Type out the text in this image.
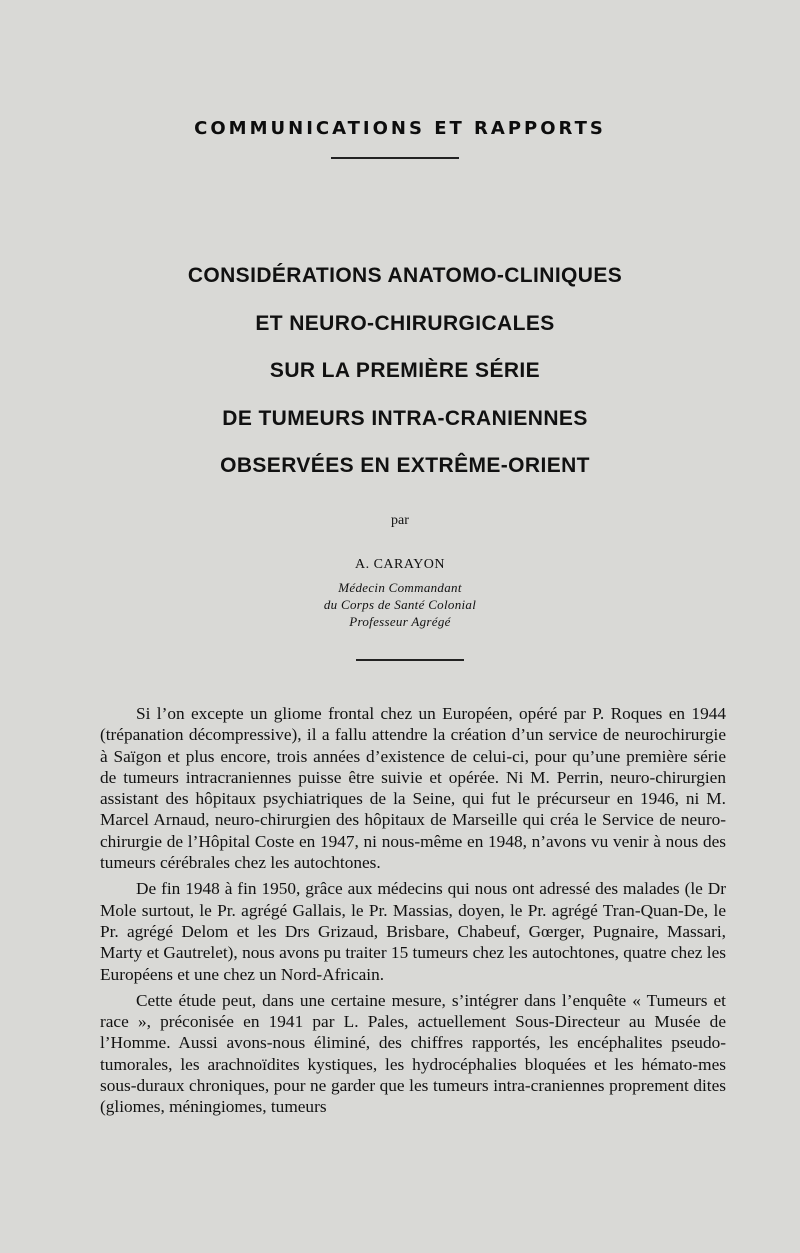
COMMUNICATIONS ET RAPPORTS
CONSIDÉRATIONS ANATOMO-CLINIQUES
ET NEURO-CHIRURGICALES
SUR LA PREMIÈRE SÉRIE
DE TUMEURS INTRA-CRANIENNES
OBSERVÉES EN EXTRÊME-ORIENT
par
A. CARAYON
Médecin Commandant
du Corps de Santé Colonial
Professeur Agrégé

Si l’on excepte un gliome frontal chez un Européen, opéré par P. Roques en 1944 (trépanation décompressive), il a fallu attendre la création d’un service de neurochirurgie à Saïgon et plus encore, trois années d’existence de celui-ci, pour qu’une première série de tumeurs intracraniennes puisse être suivie et opérée. Ni M. Perrin, neuro-chirurgien assistant des hôpitaux psychiatriques de la Seine, qui fut le précurseur en 1946, ni M. Marcel Arnaud, neuro-chirurgien des hôpitaux de Marseille qui créa le Service de neuro-chirurgie de l’Hôpital Coste en 1947, ni nous-même en 1948, n’avons vu venir à nous des tumeurs cérébrales chez les autochtones.

De fin 1948 à fin 1950, grâce aux médecins qui nous ont adressé des malades (le Dr Mole surtout, le Pr. agrégé Gallais, le Pr. Massias, doyen, le Pr. agrégé Tran-Quan-De, le Pr. agrégé Delom et les Drs Grizaud, Brisbare, Chabeuf, Gœrger, Pugnaire, Massari, Marty et Gautrelet), nous avons pu traiter 15 tumeurs chez les autochtones, quatre chez les Européens et une chez un Nord-Africain.

Cette étude peut, dans une certaine mesure, s’intégrer dans l’enquête « Tumeurs et race », préconisée en 1941 par L. Pales, actuellement Sous-Directeur au Musée de l’Homme. Aussi avons-nous éliminé, des chiffres rapportés, les encéphalites pseudo-tumorales, les arachnoïdites kystiques, les hydrocéphalies bloquées et les hémato-mes sous-duraux chroniques, pour ne garder que les tumeurs intra-craniennes proprement dites (gliomes, méningiomes, tumeurs
